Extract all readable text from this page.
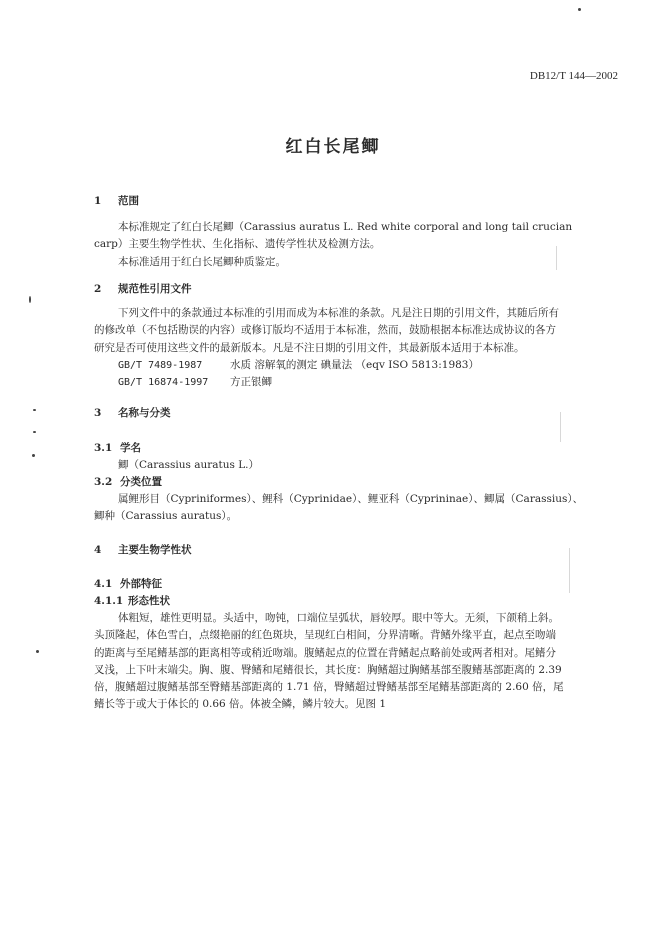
DB12/T 144—2002
红白长尾鲫
1 范围
本标准规定了红白长尾鲫（Carassius auratus L. Red white corporal and long tail crucian
carp）主要生物学性状、生化指标、遗传学性状及检测方法。
本标准适用于红白长尾鲫种质鉴定。
2 规范性引用文件
下列文件中的条款通过本标准的引用而成为本标准的条款。凡是注日期的引用文件，其随后所有
的修改单（不包括勘误的内容）或修订版均不适用于本标准，然而，鼓励根据本标准达成协议的各方
研究是否可使用这些文件的最新版本。凡是不注日期的引用文件，其最新版本适用于本标准。
GB/T 7489-1987	水质 溶解氧的测定 碘量法 （eqv ISO 5813:1983）
GB/T 16874-1997 方正银鲫
3 名称与分类
3.1 学名
鲫（Carassius auratus L.）
3.2 分类位置
属鲤形目（Cypriniformes）、鲤科（Cyprinidae）、鲤亚科（Cyprininae）、鲫属（Carassius）、
鲫种（Carassius auratus）。
4 主要生物学性状
4.1 外部特征
4.1.1 形态性状
体粗短，雄性更明显。头适中，吻钝，口端位呈弧状，唇较厚。眼中等大。无须，下颌稍上斜。
头顶隆起，体色雪白，点缀艳丽的红色斑块，呈现红白相间，分界清晰。背鳍外缘平直，起点至吻端
的距离与至尾鳍基部的距离相等或稍近吻端。腹鳍起点的位置在背鳍起点略前处或两者相对。尾鳍分
叉浅，上下叶末端尖。胸、腹、臀鳍和尾鳍很长，其长度：胸鳍超过胸鳍基部至腹鳍基部距离的 2.39
倍，腹鳍超过腹鳍基部至臀鳍基部距离的 1.71 倍，臀鳍超过臀鳍基部至尾鳍基部距离的 2.60 倍，尾
鳍长等于或大于体长的 0.66 倍。体被全鳞，鳞片较大。见图 1
